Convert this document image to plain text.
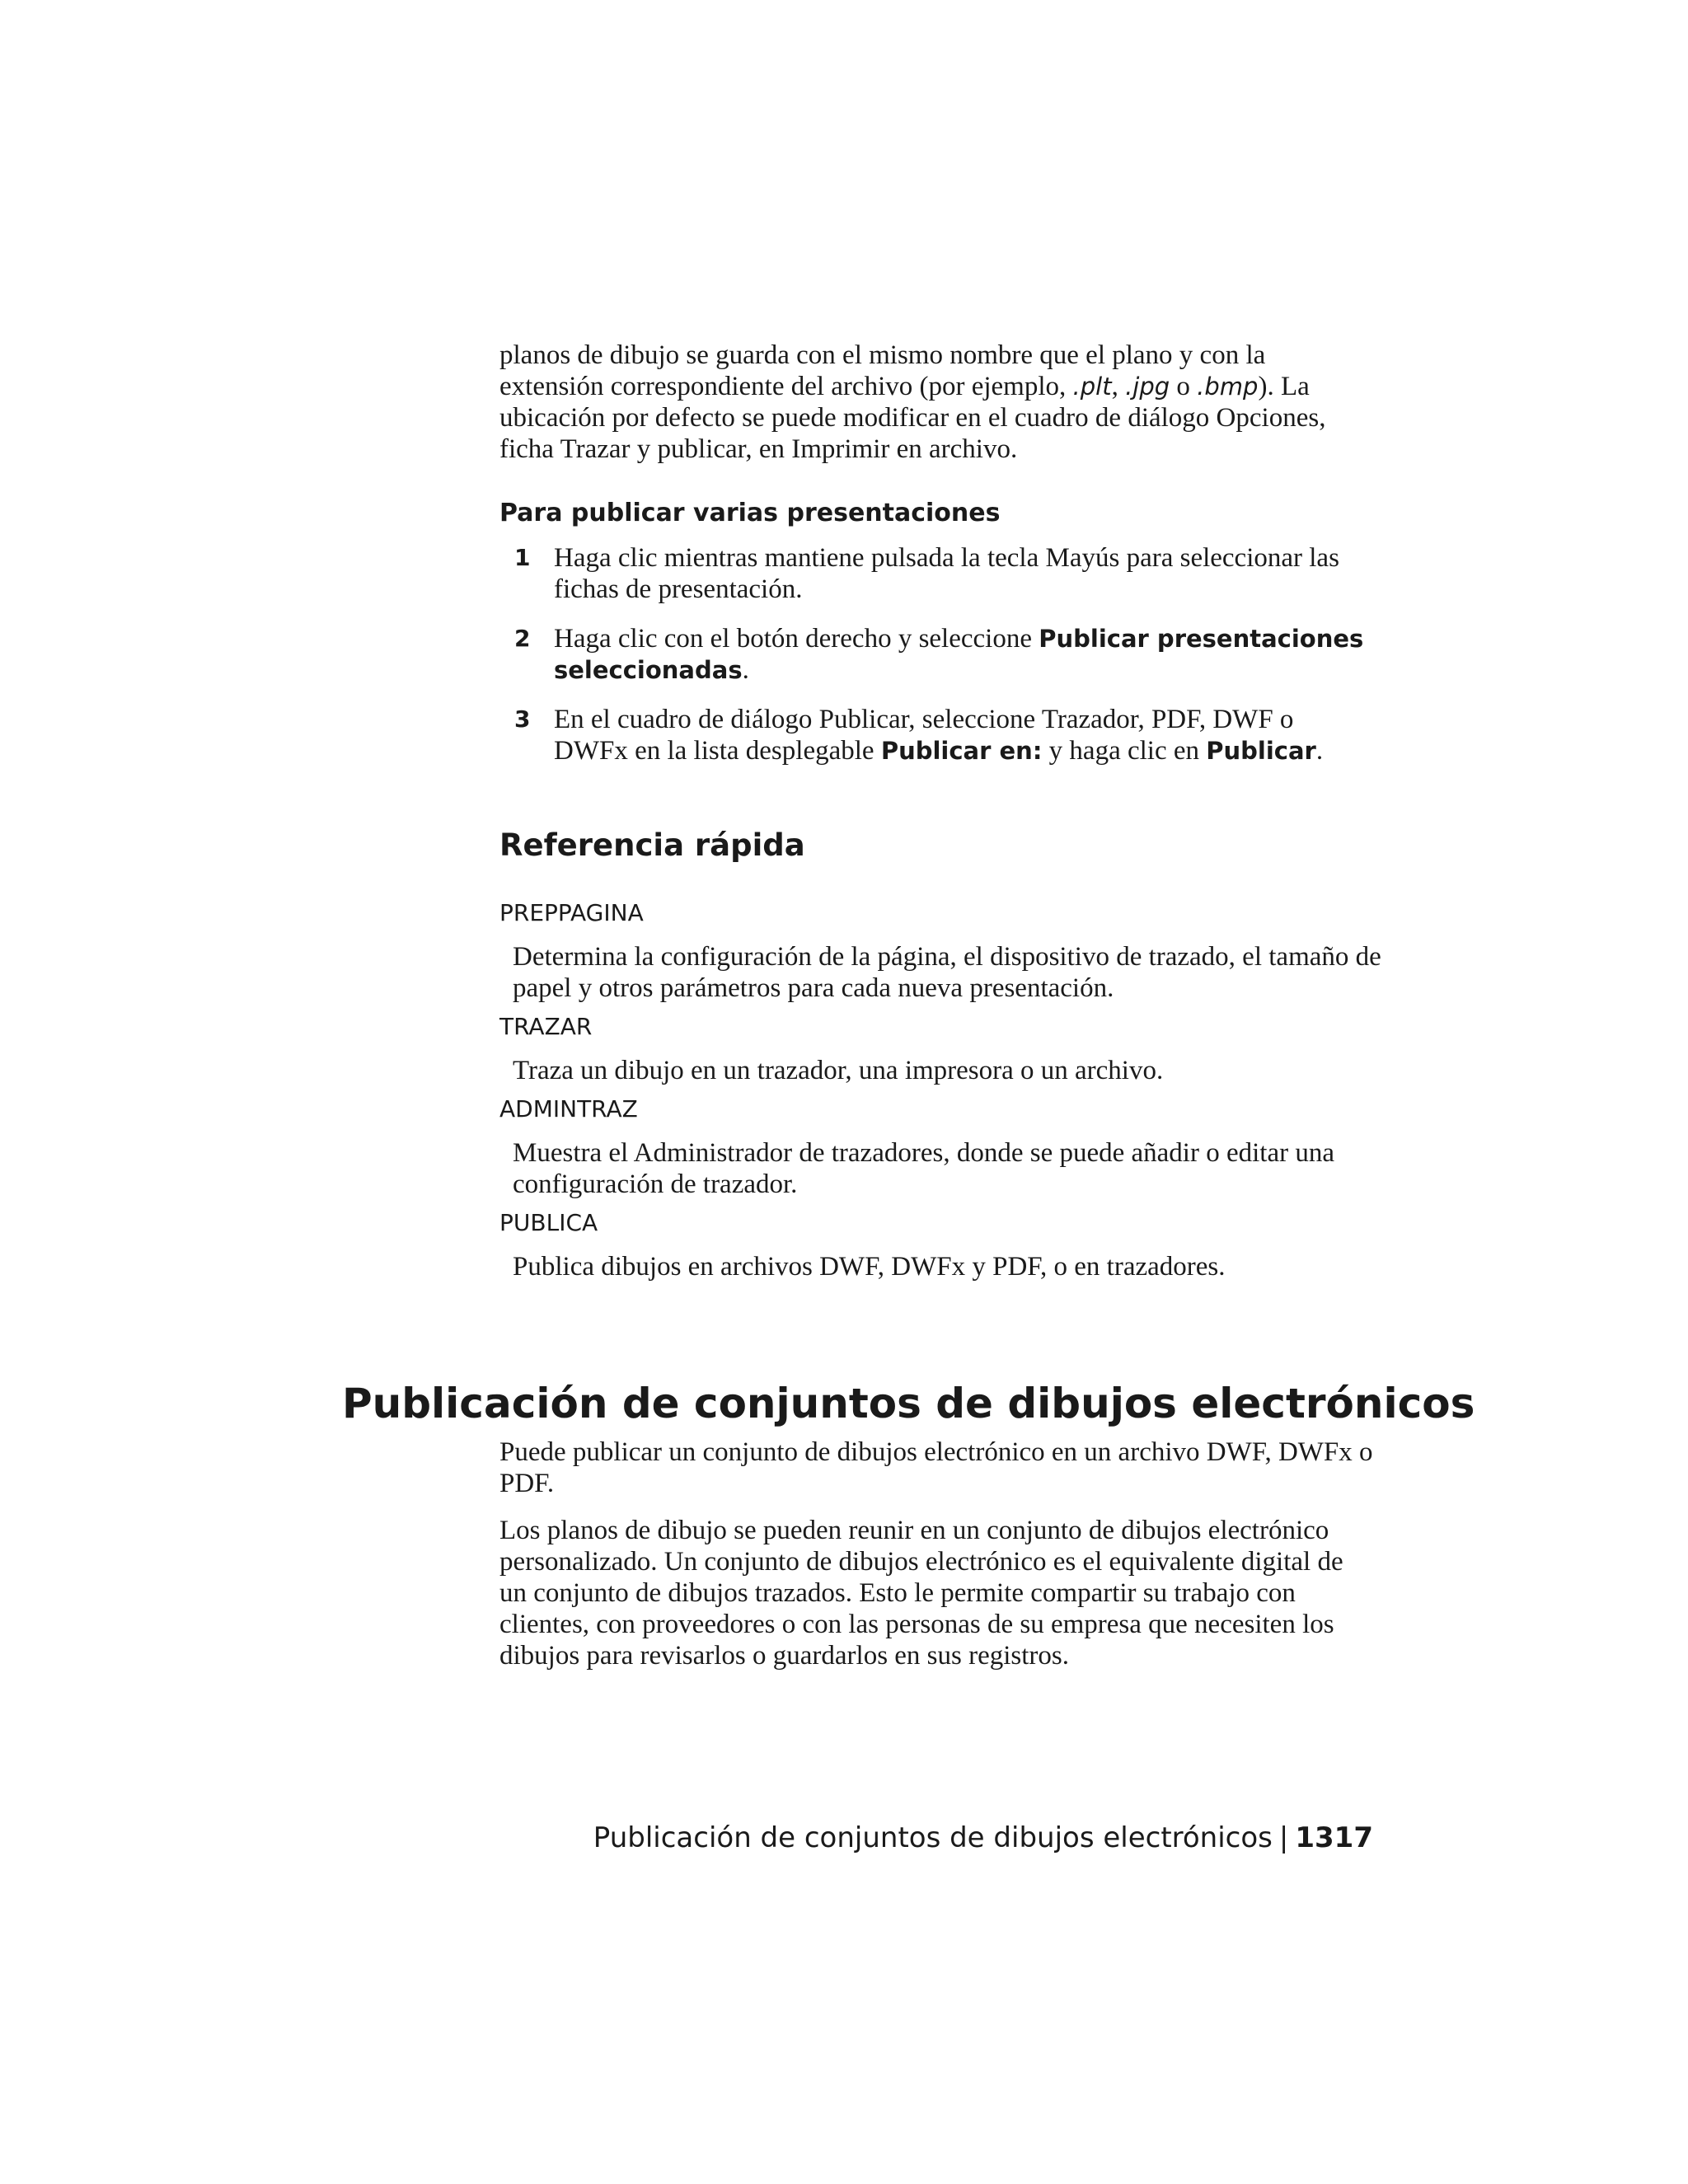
planos de dibujo se guarda con el mismo nombre que el plano y con la extensión correspondiente del archivo (por ejemplo, .plt, .jpg o .bmp). La ubicación por defecto se puede modificar en el cuadro de diálogo Opciones, ficha Trazar y publicar, en Imprimir en archivo.

Para publicar varias presentaciones
1 Haga clic mientras mantiene pulsada la tecla Mayús para seleccionar las fichas de presentación.

2 Haga clic con el botón derecho y seleccione Publicar presentaciones seleccionadas.

3 En el cuadro de diálogo Publicar, seleccione Trazador, PDF, DWF o DWFx en la lista desplegable Publicar en: y haga clic en Publicar.

Referencia rápida
PREPPAGINA

Determina la configuración de la página, el dispositivo de trazado, el tamaño de papel y otros parámetros para cada nueva presentación.

TRAZAR

Traza un dibujo en un trazador, una impresora o un archivo.

ADMINTRAZ

Muestra el Administrador de trazadores, donde se puede añadir o editar una configuración de trazador.

PUBLICA

Publica dibujos en archivos DWF, DWFx y PDF, o en trazadores.

Publicación de conjuntos de dibujos electrónicos

Puede publicar un conjunto de dibujos electrónico en un archivo DWF, DWFx o PDF.

Los planos de dibujo se pueden reunir en un conjunto de dibujos electrónico personalizado. Un conjunto de dibujos electrónico es el equivalente digital de un conjunto de dibujos trazados. Esto le permite compartir su trabajo con clientes, con proveedores o con las personas de su empresa que necesiten los dibujos para revisarlos o guardarlos en sus registros.

Publicación de conjuntos de dibujos electrónicos | 1317
